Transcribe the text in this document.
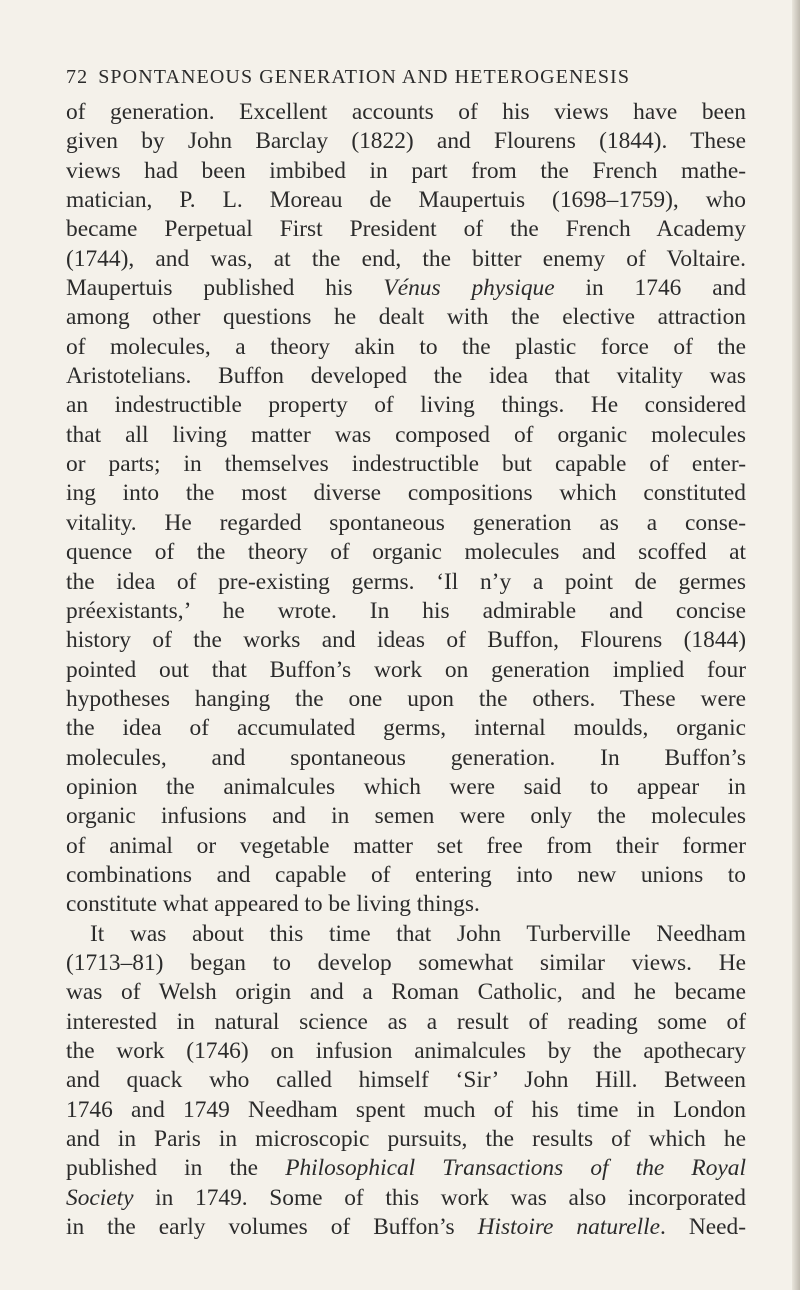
72 SPONTANEOUS GENERATION AND HETEROGENESIS
of generation. Excellent accounts of his views have been
given by John Barclay (1822) and Flourens (1844). These
views had been imbibed in part from the French mathe-
matician, P. L. Moreau de Maupertuis (1698–1759), who
became Perpetual First President of the French Academy
(1744), and was, at the end, the bitter enemy of Voltaire.
Maupertuis published his Vénus physique in 1746 and
among other questions he dealt with the elective attraction
of molecules, a theory akin to the plastic force of the
Aristotelians. Buffon developed the idea that vitality was
an indestructible property of living things. He considered
that all living matter was composed of organic molecules
or parts; in themselves indestructible but capable of enter-
ing into the most diverse compositions which constituted
vitality. He regarded spontaneous generation as a conse-
quence of the theory of organic molecules and scoffed at
the idea of pre-existing germs. ‘Il n’y a point de germes
préexistants,’ he wrote. In his admirable and concise
history of the works and ideas of Buffon, Flourens (1844)
pointed out that Buffon’s work on generation implied four
hypotheses hanging the one upon the others. These were
the idea of accumulated germs, internal moulds, organic
molecules, and spontaneous generation. In Buffon’s
opinion the animalcules which were said to appear in
organic infusions and in semen were only the molecules
of animal or vegetable matter set free from their former
combinations and capable of entering into new unions to
constitute what appeared to be living things.
It was about this time that John Turberville Needham
(1713–81) began to develop somewhat similar views. He
was of Welsh origin and a Roman Catholic, and he became
interested in natural science as a result of reading some of
the work (1746) on infusion animalcules by the apothecary
and quack who called himself ‘Sir’ John Hill. Between
1746 and 1749 Needham spent much of his time in London
and in Paris in microscopic pursuits, the results of which he
published in the Philosophical Transactions of the Royal
Society in 1749. Some of this work was also incorporated
in the early volumes of Buffon’s Histoire naturelle. Need-
